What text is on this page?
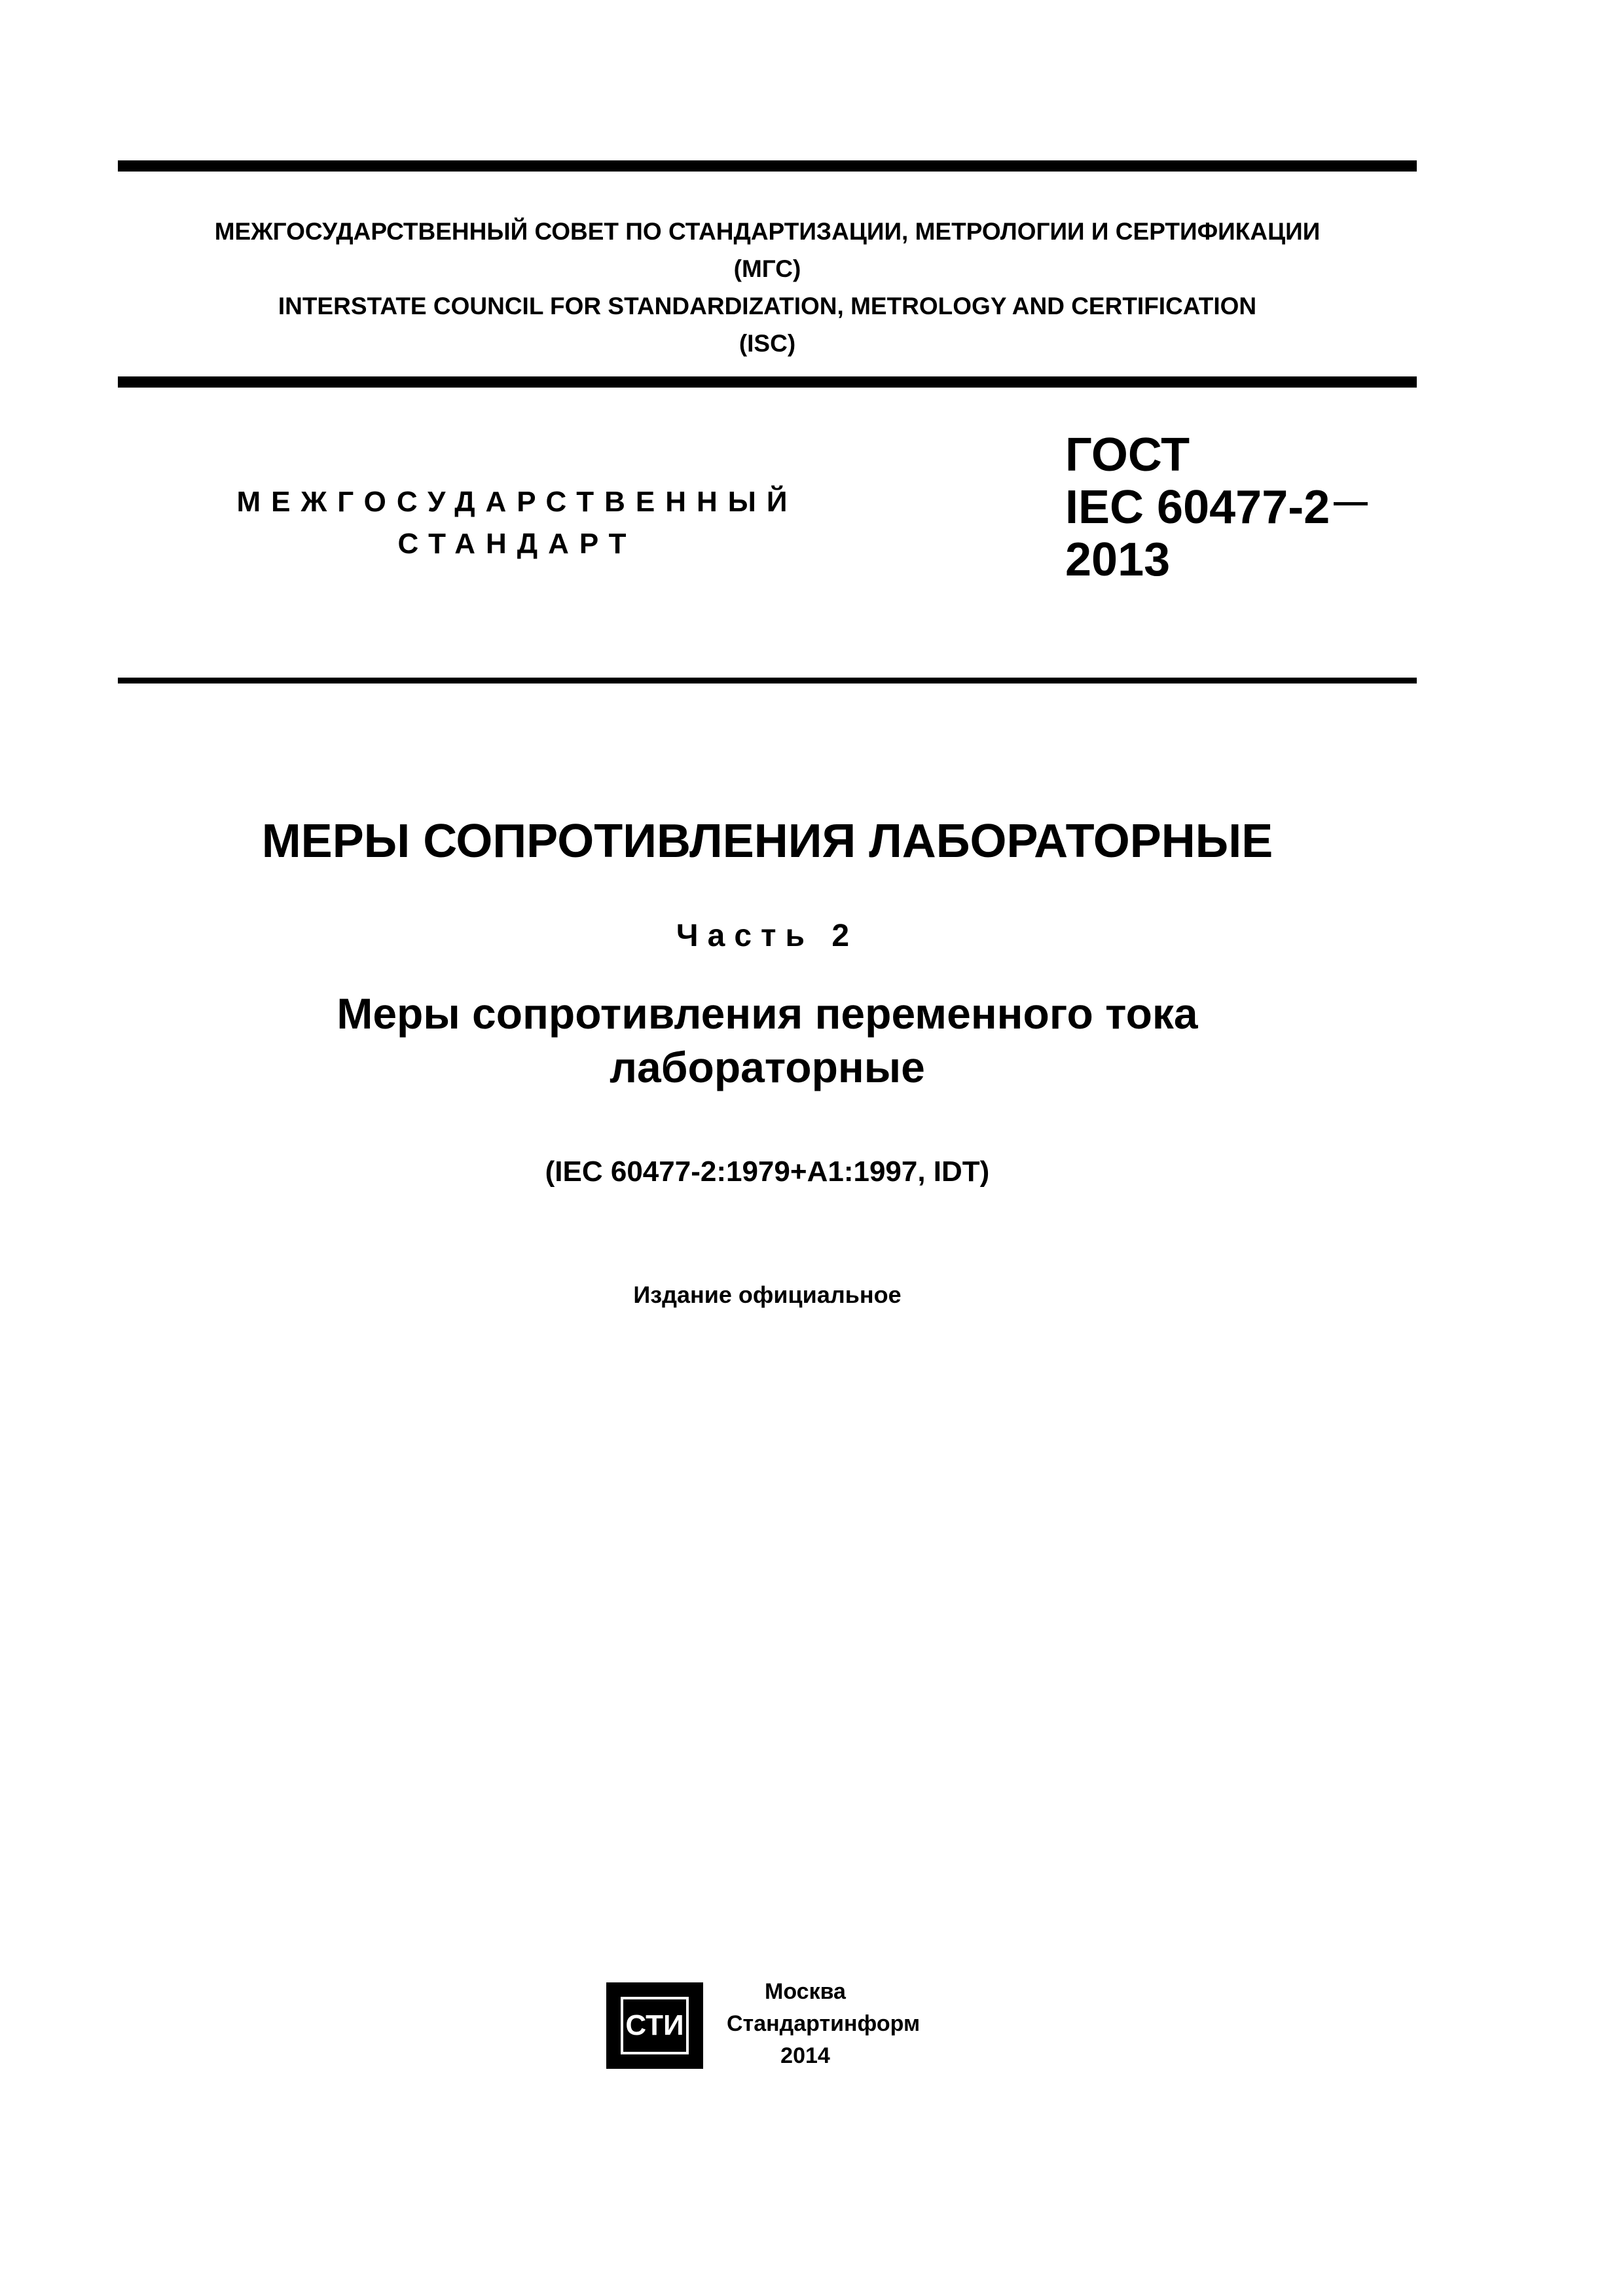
МЕЖГОСУДАРСТВЕННЫЙ СОВЕТ ПО СТАНДАРТИЗАЦИИ, МЕТРОЛОГИИ И СЕРТИФИКАЦИИ
(МГС)
INTERSTATE COUNCIL FOR STANDARDIZATION, METROLOGY AND CERTIFICATION
(ISC)
МЕЖГОСУДАРСТВЕННЫЙ
СТАНДАРТ
ГОСТ
IEC 60477-2
2013
МЕРЫ СОПРОТИВЛЕНИЯ ЛАБОРАТОРНЫЕ
Часть 2
Меры сопротивления переменного тока
лабораторные
(IEC 60477-2:1979+A1:1997, IDT)
Издание официальное
СТИ
Москва
Стандартинформ
2014
